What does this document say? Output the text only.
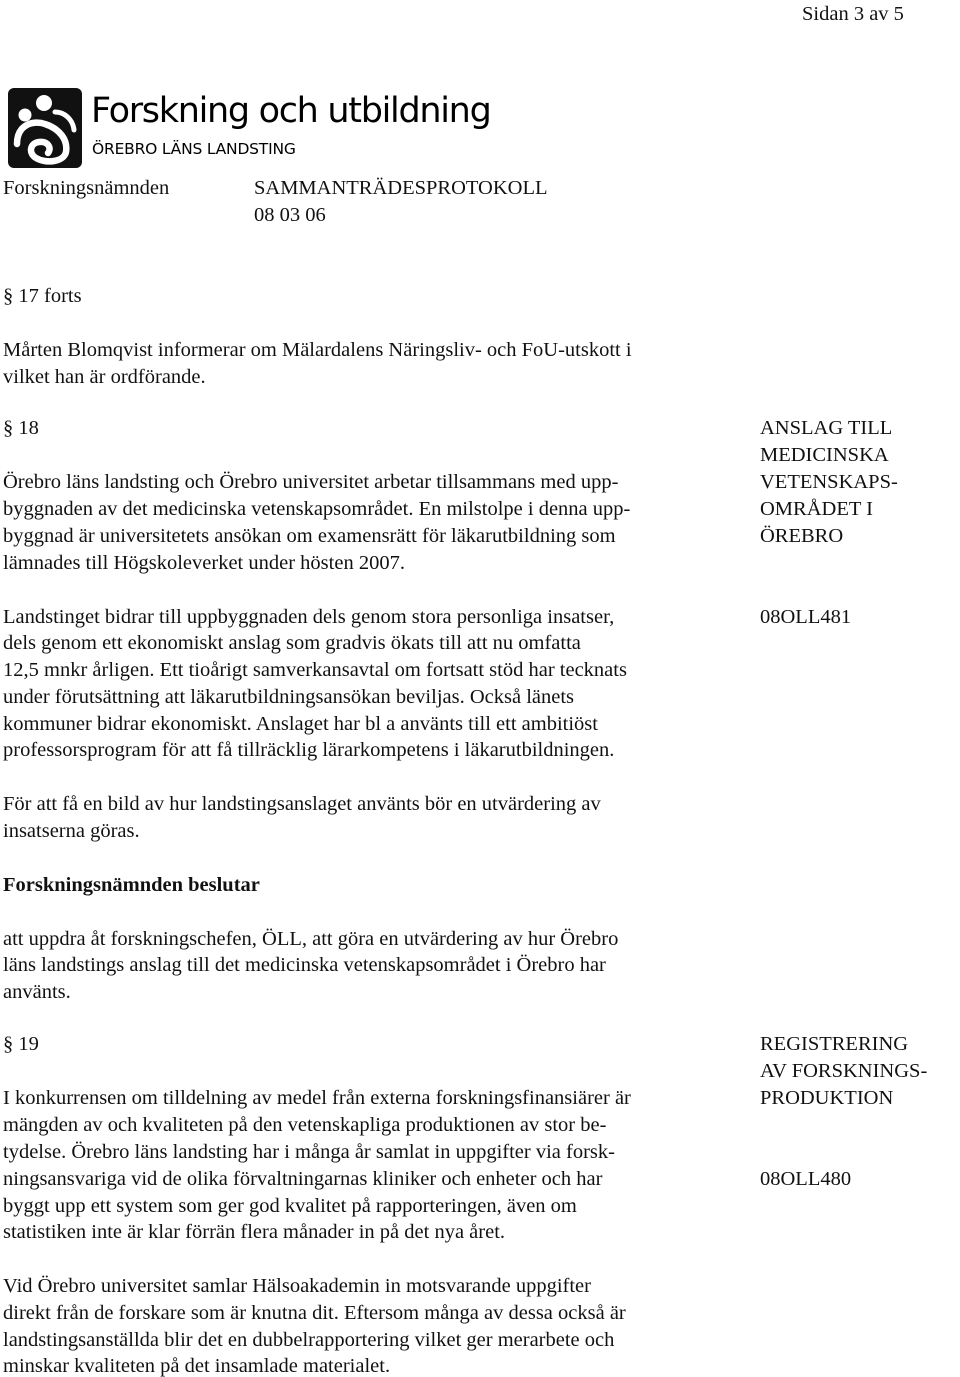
Sidan 3 av 5
Forskning och utbildning
ÖREBRO LÄNS LANDSTING
Forskningsnämnden	SAMMANTRÄDESPROTOKOLL
08 03 06
§ 17 forts
Mårten Blomqvist informerar om Mälardalens Näringsliv- och FoU-utskott i
vilket han är ordförande.
§ 18	ANSLAG TILL
MEDICINSKA
VETENSKAPS-
OMRÅDET I
ÖREBRO
08OLL481
Örebro läns landsting och Örebro universitet arbetar tillsammans med upp-
byggnaden av det medicinska vetenskapsområdet. En milstolpe i denna upp-
byggnad är universitetets ansökan om examensrätt för läkarutbildning som
lämnades till Högskoleverket under hösten 2007.
Landstinget bidrar till uppbyggnaden dels genom stora personliga insatser,
dels genom ett ekonomiskt anslag som gradvis ökats till att nu omfatta
12,5 mnkr årligen. Ett tioårigt samverkansavtal om fortsatt stöd har tecknats
under förutsättning att läkarutbildningsansökan beviljas. Också länets
kommuner bidrar ekonomiskt. Anslaget har bl a använts till ett ambitiöst
professorsprogram för att få tillräcklig lärarkompetens i läkarutbildningen.
För att få en bild av hur landstingsanslaget använts bör en utvärdering av
insatserna göras.
Forskningsnämnden beslutar
att uppdra åt forskningschefen, ÖLL, att göra en utvärdering av hur Örebro
läns landstings anslag till det medicinska vetenskapsområdet i Örebro har
använts.
§ 19	REGISTRERING
AV FORSKNINGS-
PRODUKTION
08OLL480
I konkurrensen om tilldelning av medel från externa forskningsfinansiärer är
mängden av och kvaliteten på den vetenskapliga produktionen av stor be-
tydelse. Örebro läns landsting har i många år samlat in uppgifter via forsk-
ningsansvariga vid de olika förvaltningarnas kliniker och enheter och har
byggt upp ett system som ger god kvalitet på rapporteringen, även om
statistiken inte är klar förrän flera månader in på det nya året.
Vid Örebro universitet samlar Hälsoakademin in motsvarande uppgifter
direkt från de forskare som är knutna dit. Eftersom många av dessa också är
landstingsanställda blir det en dubbelrapportering vilket ger merarbete och
minskar kvaliteten på det insamlade materialet.
